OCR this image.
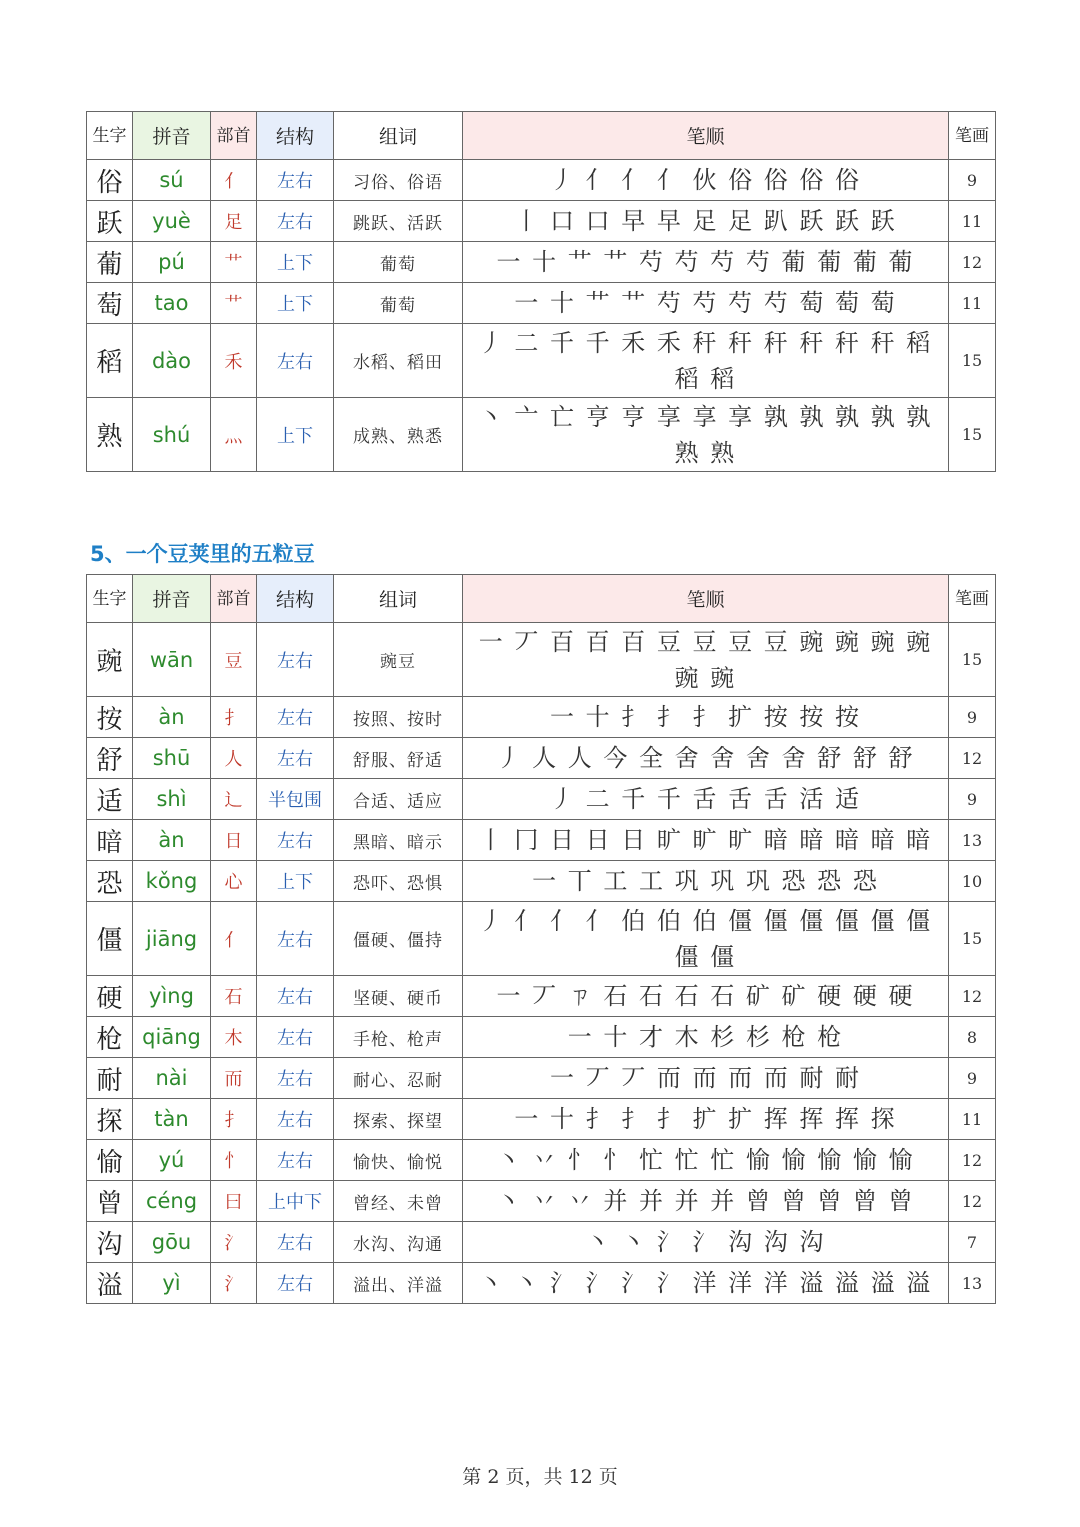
生字	拼音	部首	结构	组词	笔顺	笔画
俗	sú	亻	左右	习俗、俗语	丿 亻 亻 亻 伙 俗 俗 俗 俗	9
跃	yuè	足	左右	跳跃、活跃	丨 口 口 早 早 足 足 趴 跃 跃 跃	11
葡	pú	艹	上下	葡萄	一 十 艹 艹 芍 芍 芍 芍 葡 葡 葡 葡	12
萄	tao	艹	上下	葡萄	一 十 艹 艹 芍 芍 芍 芍 萄 萄 萄	11
稻	dào	禾	左右	水稻、稻田	丿 二 千 千 禾 禾 秆 秆 秆 秆 秆 秆 稻 稻 稻	15
熟	shú	灬	上下	成熟、熟悉	丶 亠 亡 亨 亨 享 享 享 孰 孰 孰 孰 孰 熟 熟	15
5、一个豆荚里的五粒豆
生字	拼音	部首	结构	组词	笔顺	笔画
豌	wān	豆	左右	豌豆	一 丆 百 百 百 豆 豆 豆 豆 豌 豌 豌 豌 豌 豌	15
按	àn	扌	左右	按照、按时	一 十 扌 扌 扌 扩 按 按 按	9
舒	shū	人	左右	舒服、舒适	丿 人 人 今 全 舍 舍 舍 舍 舒 舒 舒	12
适	shì	辶	半包围	合适、适应	丿 二 千 千 舌 舌 舌 活 适	9
暗	àn	日	左右	黑暗、暗示	丨 冂 日 日 日 旷 旷 旷 暗 暗 暗 暗 暗	13
恐	kǒng	心	上下	恐吓、恐惧	一 丅 工 工 巩 巩 巩 恐 恐 恐	10
僵	jiāng	亻	左右	僵硬、僵持	丿 亻 亻 亻 伯 伯 伯 僵 僵 僵 僵 僵 僵 僵 僵	15
硬	yìng	石	左右	坚硬、硬币	一 丆 ㄗ 石 石 石 石 矿 矿 硬 硬 硬	12
枪	qiāng	木	左右	手枪、枪声	一 十 才 木 杉 杉 枪 枪	8
耐	nài	而	左右	耐心、忍耐	一 丆 丆 而 而 而 而 耐 耐	9
探	tàn	扌	左右	探索、探望	一 十 扌 扌 扌 扩 扩 挥 挥 挥 探	11
愉	yú	忄	左右	愉快、愉悦	丶 丷 忄 忄 忙 忙 忙 愉 愉 愉 愉 愉	12
曾	céng	曰	上中下	曾经、未曾	丶 丷 丷 并 并 并 并 曾 曾 曾 曾 曾	12
沟	gōu	氵	左右	水沟、沟通	丶 丶 氵 氵 沟 沟 沟	7
溢	yì	氵	左右	溢出、洋溢	丶 丶 氵 氵 氵 氵 洋 洋 洋 溢 溢 溢 溢	13
第 2 页，共 12 页
